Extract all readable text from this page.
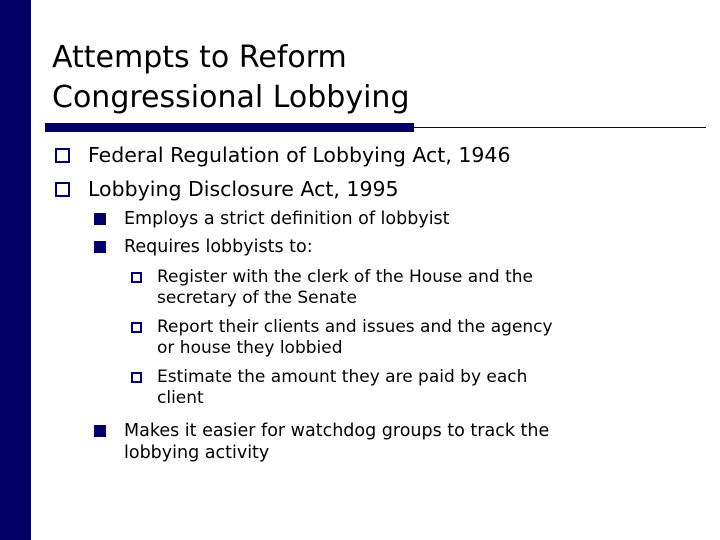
Attempts to Reform
Congressional Lobbying
Federal Regulation of Lobbying Act, 1946
Lobbying Disclosure Act, 1995
Employs a strict definition of lobbyist
Requires lobbyists to:
Register with the clerk of the House and the
secretary of the Senate
Report their clients and issues and the agency
or house they lobbied
Estimate the amount they are paid by each
client
Makes it easier for watchdog groups to track the
lobbying activity
